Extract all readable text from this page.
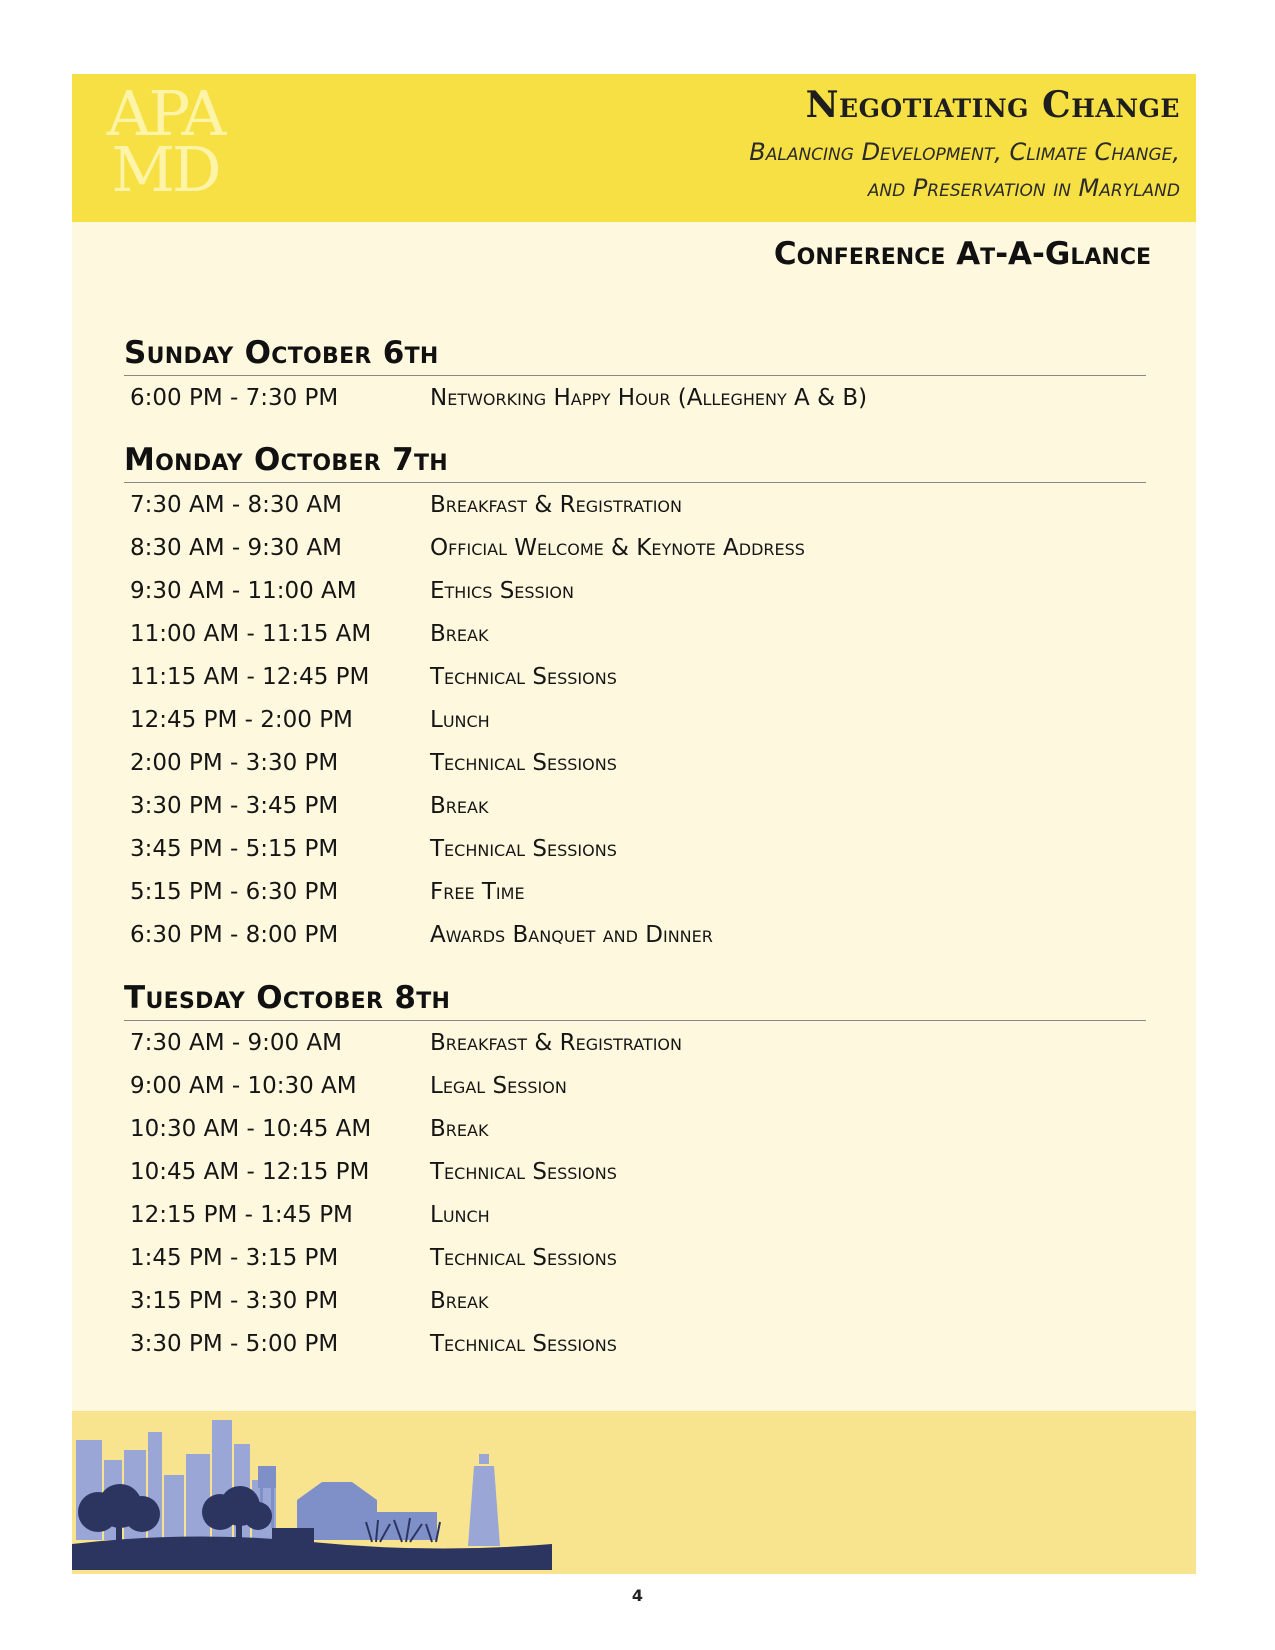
APA
MD
Negotiating Change
Balancing Development, Climate Change,
and Preservation in Maryland
Conference At-A-Glance
Sunday October 6th
6:00 PM - 7:30 PM	Networking Happy Hour (Allegheny A & B)
Monday October 7th
7:30 AM - 8:30 AM	Breakfast & Registration
8:30 AM - 9:30 AM	Official Welcome & Keynote Address
9:30 AM - 11:00 AM	Ethics Session
11:00 AM - 11:15 AM	Break
11:15 AM - 12:45 PM	Technical Sessions
12:45 PM - 2:00 PM	Lunch
2:00 PM - 3:30 PM	Technical Sessions
3:30 PM - 3:45 PM	Break
3:45 PM - 5:15 PM	Technical Sessions
5:15 PM - 6:30 PM	Free Time
6:30 PM - 8:00 PM	Awards Banquet and Dinner
Tuesday October 8th
7:30 AM - 9:00 AM	Breakfast & Registration
9:00 AM - 10:30 AM	Legal Session
10:30 AM - 10:45 AM	Break
10:45 AM - 12:15 PM	Technical Sessions
12:15 PM - 1:45 PM	Lunch
1:45 PM - 3:15 PM	Technical Sessions
3:15 PM - 3:30 PM	Break
3:30 PM - 5:00 PM	Technical Sessions
4
